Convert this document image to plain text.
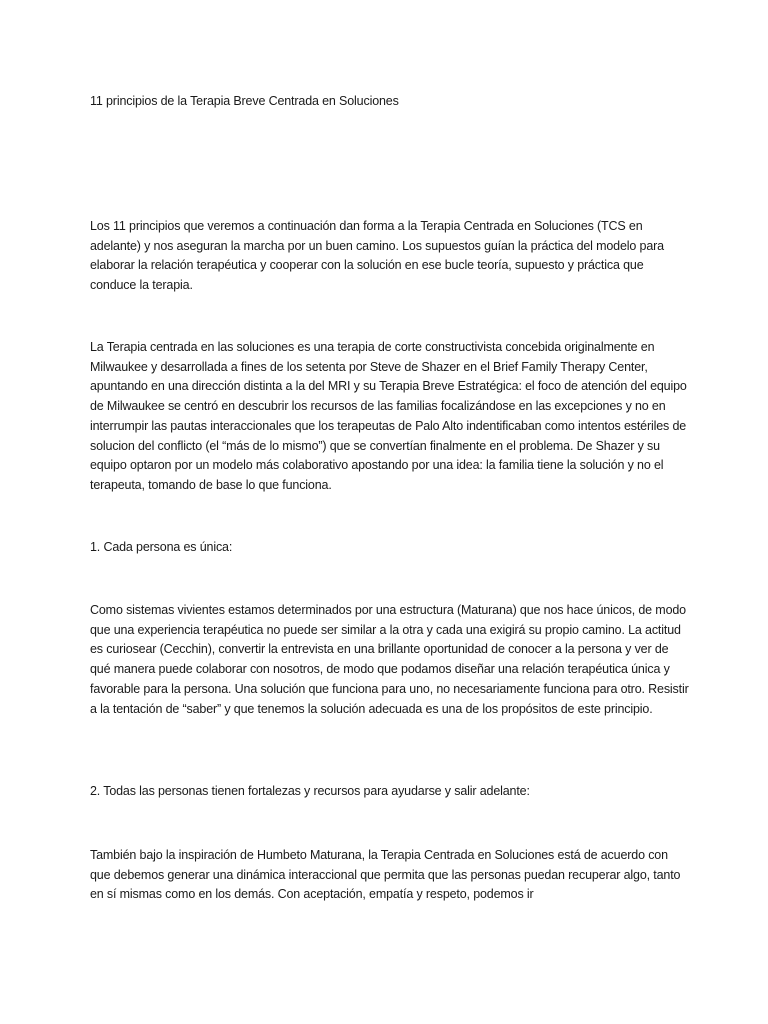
11 principios de la Terapia Breve Centrada en Soluciones

Los 11 principios que veremos a continuación dan forma a la Terapia Centrada en Soluciones (TCS en adelante) y nos aseguran la marcha por un buen camino. Los supuestos guían la práctica del modelo para elaborar la relación terapéutica y cooperar con la solución en ese bucle teoría, supuesto y práctica que conduce la terapia.

La Terapia centrada en las soluciones es una terapia de corte constructivista concebida originalmente en Milwaukee y desarrollada a fines de los setenta por Steve de Shazer en el Brief Family Therapy Center, apuntando en una dirección distinta a la del MRI y su Terapia Breve Estratégica: el foco de atención del equipo de Milwaukee se centró en descubrir los recursos de las familias focalizándose en las excepciones y no en interrumpir las pautas interaccionales que los terapeutas de Palo Alto indentificaban como intentos estériles de solucion del conflicto (el “más de lo mismo”) que se convertían finalmente en el problema. De Shazer y su equipo optaron por un modelo más colaborativo apostando por una idea: la familia tiene la solución y no el terapeuta, tomando de base lo que funciona.

1. Cada persona es única:

Como sistemas vivientes estamos determinados por una estructura (Maturana) que nos hace únicos, de modo que una experiencia terapéutica no puede ser similar a la otra y cada una exigirá su propio camino. La actitud es curiosear (Cecchin), convertir la entrevista en una brillante oportunidad de conocer a la persona y ver de qué manera puede colaborar con nosotros, de modo que podamos diseñar una relación terapéutica única y favorable para la persona. Una solución que funciona para uno, no necesariamente funciona para otro. Resistir a la tentación de “saber” y que tenemos la solución adecuada es una de los propósitos de este principio.

2. Todas las personas tienen fortalezas y recursos para ayudarse y salir adelante:

También bajo la inspiración de Humbeto Maturana, la Terapia Centrada en Soluciones está de acuerdo con que debemos generar una dinámica interaccional que permita que las personas puedan recuperar algo, tanto en sí mismas como en los demás. Con aceptación, empatía y respeto, podemos ir
